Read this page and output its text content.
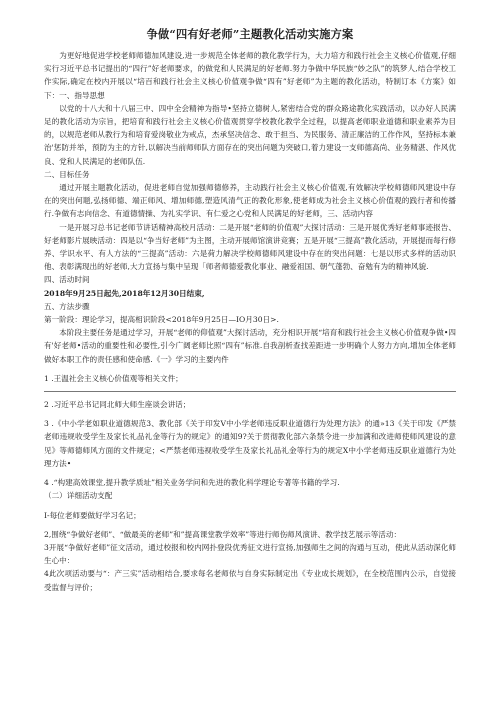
争做“四有好老师”主题教化活动实施方案

为更好地促进学校老师师德加风建设,进一步规范全体老师的教化教学行为，大力培方和践行社会主义核心价值观,仔细实行习近平总书记提出的“四行”好老师要求，的做党和人民满足的好老师.努力争做中华民族“妙之队”的筑梦人,结合学校工作实际,确定在校内开展以“培百和践行社会主义核心价值观争做“四有”好老师”为主题的教化活动，特制订本《方案》如下：一、指导思想

以党的十八大和十八届三中、四中全会精神为指导•坚持立德树人,紧密结合党的群众路途教化实践活动，以办好人民满足的教化活动为宗旨，把培育和践行社会主义核心价值观贯穿学校教化教学全过程，以提高老师职业道德和职业素养为目的，以规范老师从教行为和培育爱岗敬业为戒点，杰承坚决信念、敢于担当、为民服务、清正廉洁的工作作风，坚持标本兼治'惩防并举，预防为主的方针,以解决当前师师队方面存在的突出问题为突破口,着力建设一支师德高尚、业务精湛、作风优良、党和人民满足的老师队伍.

二、目标任务

通过开展主题教化活动，促进老师自觉加强师德修养，主动践行社会主义核心价值观,有效解决学校师德师风建设中存在的突出何题,弘扬师德、端正师风、增加师德,塑造风清气正的教化形象,使老师成为社会主义核心价值观的践行者和传播行.争做有志向信念、有道德情操、为礼实学识、有仁爱之心党和人民满足的好老师，三、活动内容

一是开展习总书记老师节讲话精神高校月活动：二是开展“老师的价值观”大探讨活动：三是开展优秀好老师事迹报告、好老师影片展映活动：四是以“争当好老师”为主图，主动开展师馆演讲竞赛；五是开展“三提高”教化活动，开展提而每行修养、学识水平、有人方法的“三提高”活动：六是荷力解决学校师德师风建设中存在的突出问题：七是以形式多样的活动识他、表彰满现出的好老师,大力宣扬与集中呈现「师者师德爱教化事业、融爱祖国、朝气蓬勃、奋勉有为的精神风貌.

四、活动时间

2018年9月25日起先,2018年12月30日结束,

五、方法步骤

第一阶段：理论学习，提高相识阶段<2018年9月25日—IO月30日>.

本阶段主要任务是通过学习，开展“老师的仰值观”大探讨活动，充分相识开展“培育和践行社会主义核心价值观争做•四有'好老师•活动的重要性和必要性,引今广阔老师比照“四有”标准.自我剖析查找差距进一步明确个人努力方向,增加全体老师做好本职工作的责任感和使命感.《一》学习的主要内件

1 .王温社会主义核心价值观等相关文件；

2 .习近平总书记同北师大师生座谈会讲话；

3 .《中小学老如职业道德规范3、教化部《关于印发V中小学老师违反职业道德行为处理方法》的通»13《关于印发《严禁老师违规收受学生及家长礼品礼金等行为的规定》的通知9?关于贯彻教化部六条禁令进一步加满和改进师使师风建设的意见》等师德师风方面的文件规定；<严禁老师违视收受学生及家长礼品礼金等行为的规定X中小学老师违反职业道德行为处理方法•

4 .“构建高效课堂,提升教学质址”相关业务学问和先进的教化科学理论专著等书籍的学习.

（二）详细活动支配

I-每位老师要做好学习名记；

2,围绕“争做好老师”、“做最美的老师”和”提高课堂教学效率”等进行师伤师风演讲、教学技艺展示等活动：

3开展“争做好老师”征文活动，通过校报和校内网扑登段优秀征文进行宣扬,加强师生之间的沟通与互动，使此从活动深化师生心中：

4此次项活动要与“：产三实”活动相结合,要求每名老师依与自身实际制定出《专业成长规划》，在全校范围内公示，自觉接受监督与评价；
